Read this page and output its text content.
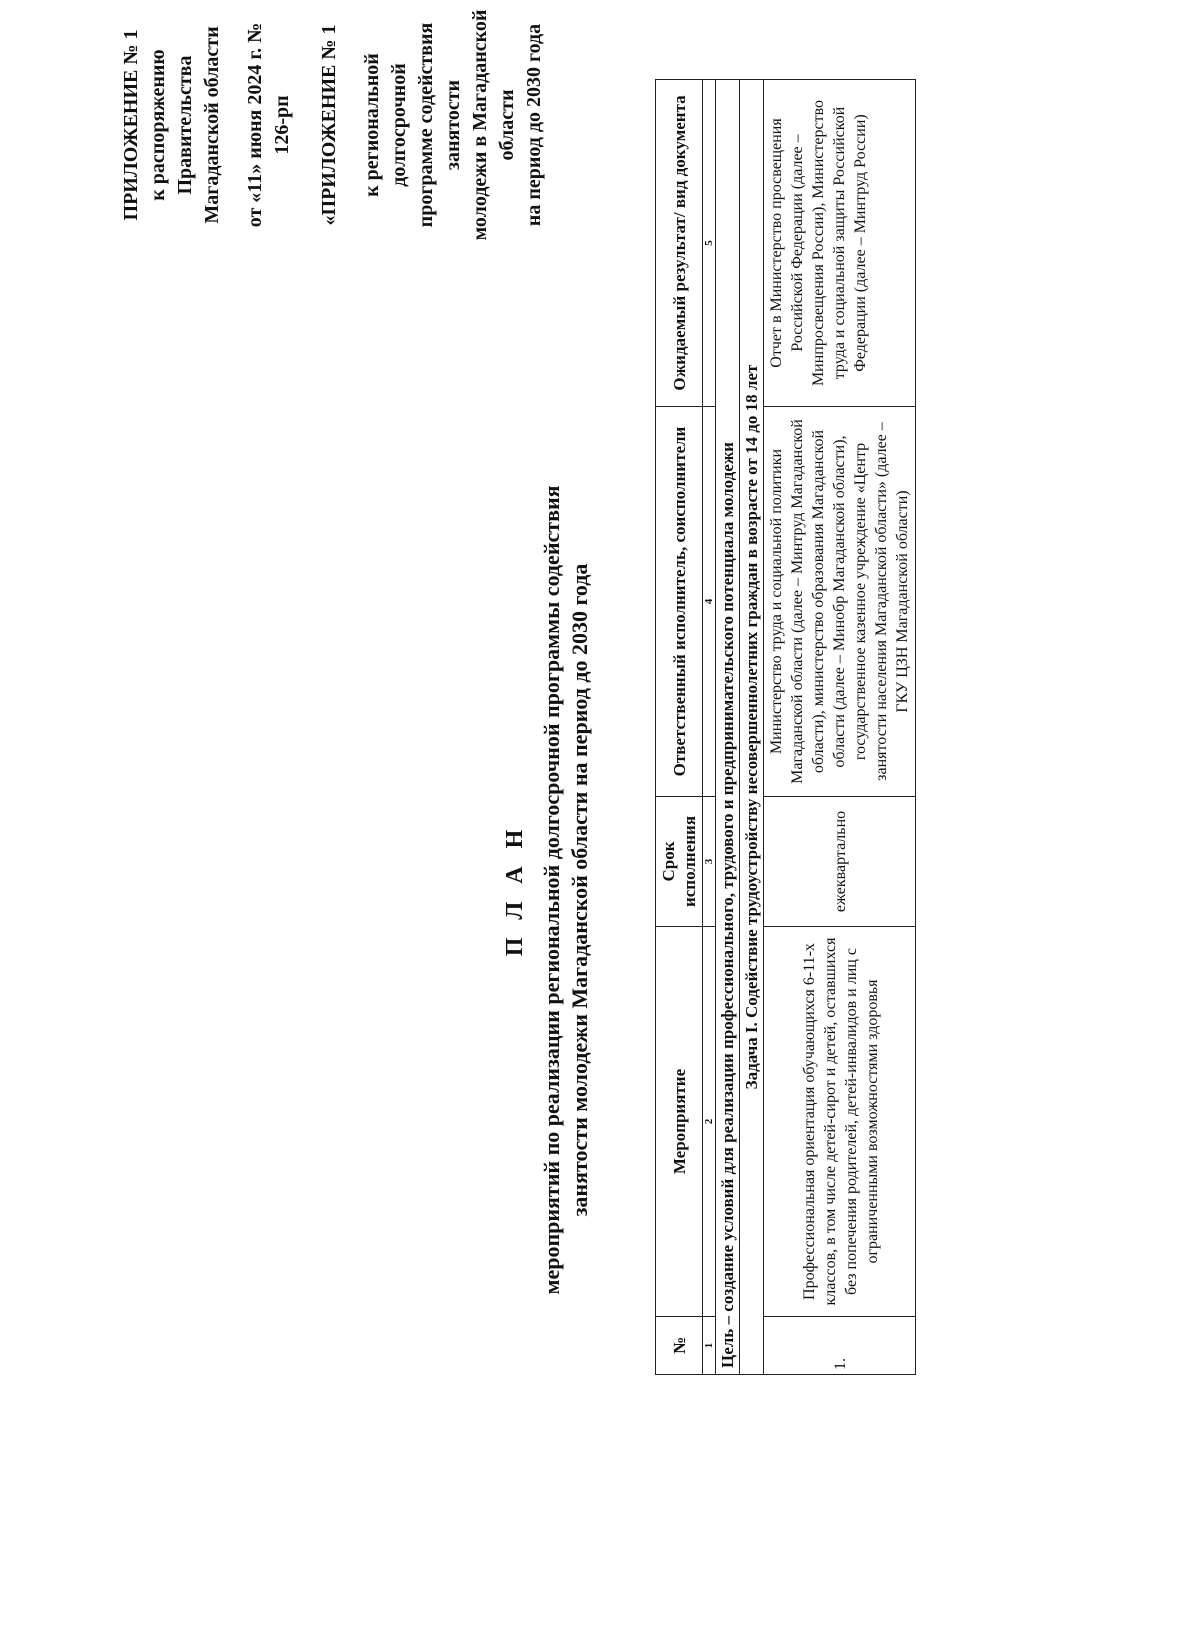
ПРИЛОЖЕНИЕ № 1 к распоряжению Правительства Магаданской области от «11» июня 2024 г. № 126-рп «ПРИЛОЖЕНИЕ № 1 к региональной долгосрочной программе содействия занятости молодежи в Магаданской области на период до 2030 года
П Л А Н мероприятий по реализации региональной долгосрочной программы содействия занятости молодежи Магаданской области на период до 2030 года
№	Мероприятие	Срок исполнения	Ответственный исполнитель, соисполнители	Ожидаемый результат/ вид документа
1	2	3	4	5
Цель – создание условий для реализации профессионального, трудового и предпринимательского потенциала молодежи				
Задача I. Содействие трудоустройству несовершеннолетних граждан в возрасте от 14 до 18 лет				
1.	Профессиональная ориентация обучающихся 6-11-х классов, в том числе детей-сирот и детей, оставшихся без попечения родителей, детей-инвалидов и лиц с ограниченными возможностями здоровья	ежеквартально	Министерство труда и социальной политики Магаданской области (далее – Минтруд Магаданской области), министерство образования Магаданской области (далее – Минобр Магаданской области), государственное казенное учреждение «Центр занятости населения Магаданской области» (далее – ГКУ ЦЗН Магаданской области)	Отчет в Министерство просвещения Российской Федерации (далее – Минпросвещения России), Министерство труда и социальной защиты Российской Федерации (далее – Минтруд России)
